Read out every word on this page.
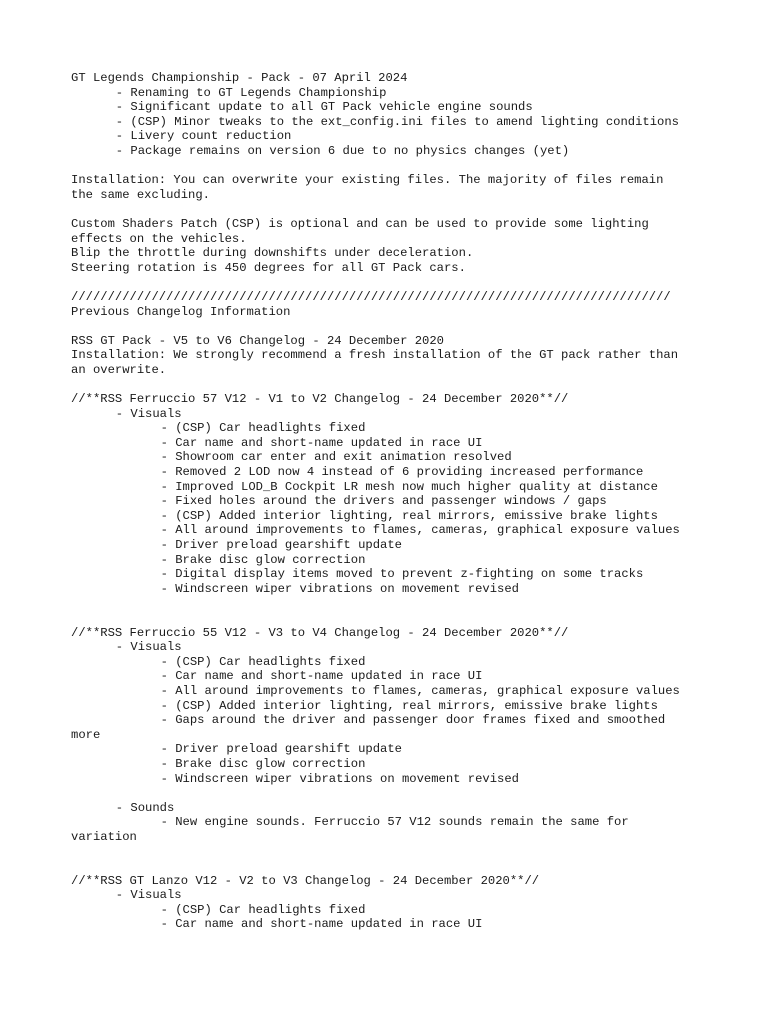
GT Legends Championship - Pack - 07 April 2024
- Renaming to GT Legends Championship
- Significant update to all GT Pack vehicle engine sounds
- (CSP) Minor tweaks to the ext_config.ini files to amend lighting conditions
- Livery count reduction
- Package remains on version 6 due to no physics changes (yet)
Installation: You can overwrite your existing files. The majority of files remain
the same excluding.
Custom Shaders Patch (CSP) is optional and can be used to provide some lighting
effects on the vehicles.
Blip the throttle during downshifts under deceleration.
Steering rotation is 450 degrees for all GT Pack cars.
//////////////////////////////////////////////////////////////////////////////////
Previous Changelog Information
RSS GT Pack - V5 to V6 Changelog - 24 December 2020
Installation: We strongly recommend a fresh installation of the GT pack rather than
an overwrite.
//**RSS Ferruccio 57 V12 - V1 to V2 Changelog - 24 December 2020**//
- Visuals
- (CSP) Car headlights fixed
- Car name and short-name updated in race UI
- Showroom car enter and exit animation resolved
- Removed 2 LOD now 4 instead of 6 providing increased performance
- Improved LOD_B Cockpit LR mesh now much higher quality at distance
- Fixed holes around the drivers and passenger windows / gaps
- (CSP) Added interior lighting, real mirrors, emissive brake lights
- All around improvements to flames, cameras, graphical exposure values
- Driver preload gearshift update
- Brake disc glow correction
- Digital display items moved to prevent z-fighting on some tracks
- Windscreen wiper vibrations on movement revised
//**RSS Ferruccio 55 V12 - V3 to V4 Changelog - 24 December 2020**//
- Visuals
- (CSP) Car headlights fixed
- Car name and short-name updated in race UI
- All around improvements to flames, cameras, graphical exposure values
- (CSP) Added interior lighting, real mirrors, emissive brake lights
- Gaps around the driver and passenger door frames fixed and smoothed
more
- Driver preload gearshift update
- Brake disc glow correction
- Windscreen wiper vibrations on movement revised
- Sounds
- New engine sounds. Ferruccio 57 V12 sounds remain the same for
variation
//**RSS GT Lanzo V12 - V2 to V3 Changelog - 24 December 2020**//
- Visuals
- (CSP) Car headlights fixed
- Car name and short-name updated in race UI
